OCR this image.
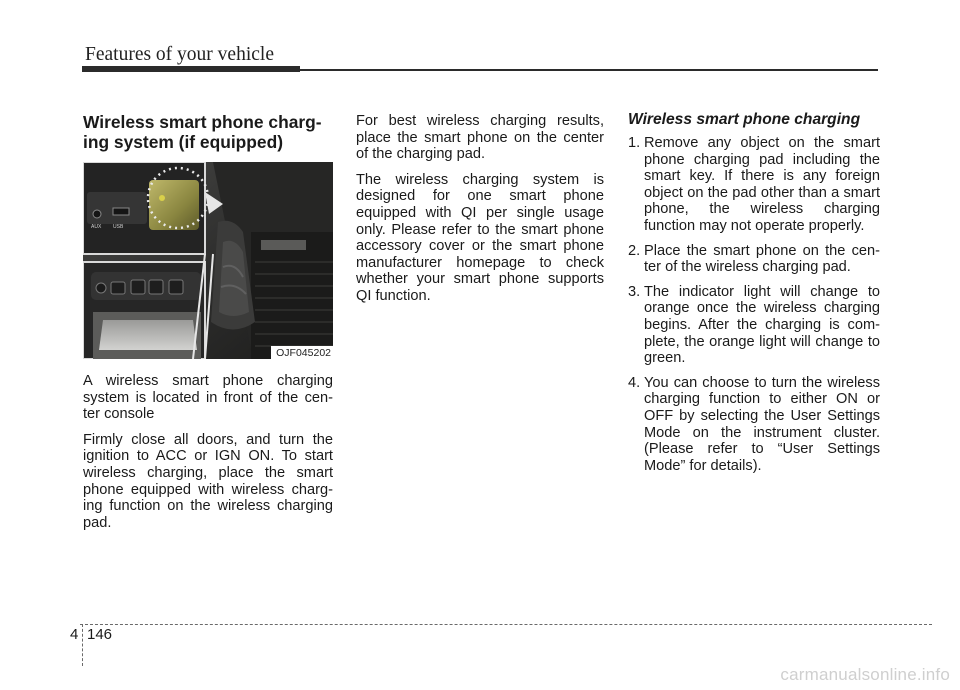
Features of your vehicle
Wireless smart phone charg-
ing system (if equipped)
AUX USB
OJF045202

A wireless smart phone charging system is located in front of the cen-ter console

Firmly close all doors, and turn the ignition to ACC or IGN ON. To start wireless charging, place the smart phone equipped with wireless charg-ing function on the wireless charging pad.

For best wireless charging results, place the smart phone on the center of the charging pad.

The wireless charging system is designed for one smart phone equipped with QI per single usage only. Please refer to the smart phone accessory cover or the smart phone manufacturer homepage to check whether your smart phone supports QI function.

Wireless smart phone charging
1. Remove any object on the smart phone charging pad including the smart key. If there is any foreign object on the pad other than a smart phone, the wireless charging function may not operate properly.
2. Place the smart phone on the cen-ter of the wireless charging pad.
3. The indicator light will change to orange once the wireless charging begins. After the charging is com-plete, the orange light will change to green.
4. You can choose to turn the wireless charging function to either ON or OFF by selecting the User Settings Mode on the instrument cluster. (Please refer to “User Settings Mode” for details).
4 146
carmanualsonline.info
